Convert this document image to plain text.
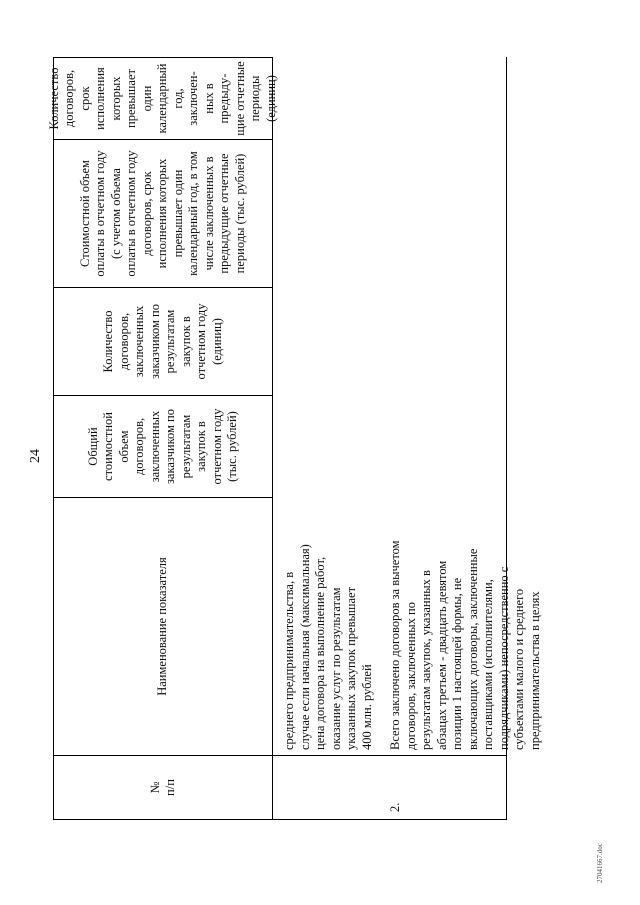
24
№
п/п
Наименование показателя
Общий
стоимостной
объем
договоров,
заключенных
заказчиком по
результатам
закупок в
отчетном году
(тыс. рублей)
Количество
договоров,
заключенных
заказчиком по
результатам
закупок в
отчетном году
(единиц)
Стоимостной объем
оплаты в отчетном году
(с учетом объема
оплаты в отчетном году
договоров, срок
исполнения которых
превышает один
календарный год, в том
числе заключенных в
предыдущие отчетные
периоды (тыс. рублей)
Количество
договоров, срок
исполнения
которых
превышает один
календарный
год, заключен-
ных в предыду-
щие отчетные
периоды
(единиц)
среднего предпринимательства, в
случае если начальная (максимальная)
цена договора на выполнение работ,
оказание услуг по результатам
указанных закупок превышает
400 млн. рублей
2.
Всего заключено договоров за вычетом
договоров, заключенных по
результатам закупок, указанных в
абзацах третьем - двадцать девятом
позиции 1 настоящей формы, не
включающих договоры, заключенные
поставщиками (исполнителями,
подрядчиками) непосредственно с
субъектами малого и среднего
предпринимательства в целях
27041667.doc
